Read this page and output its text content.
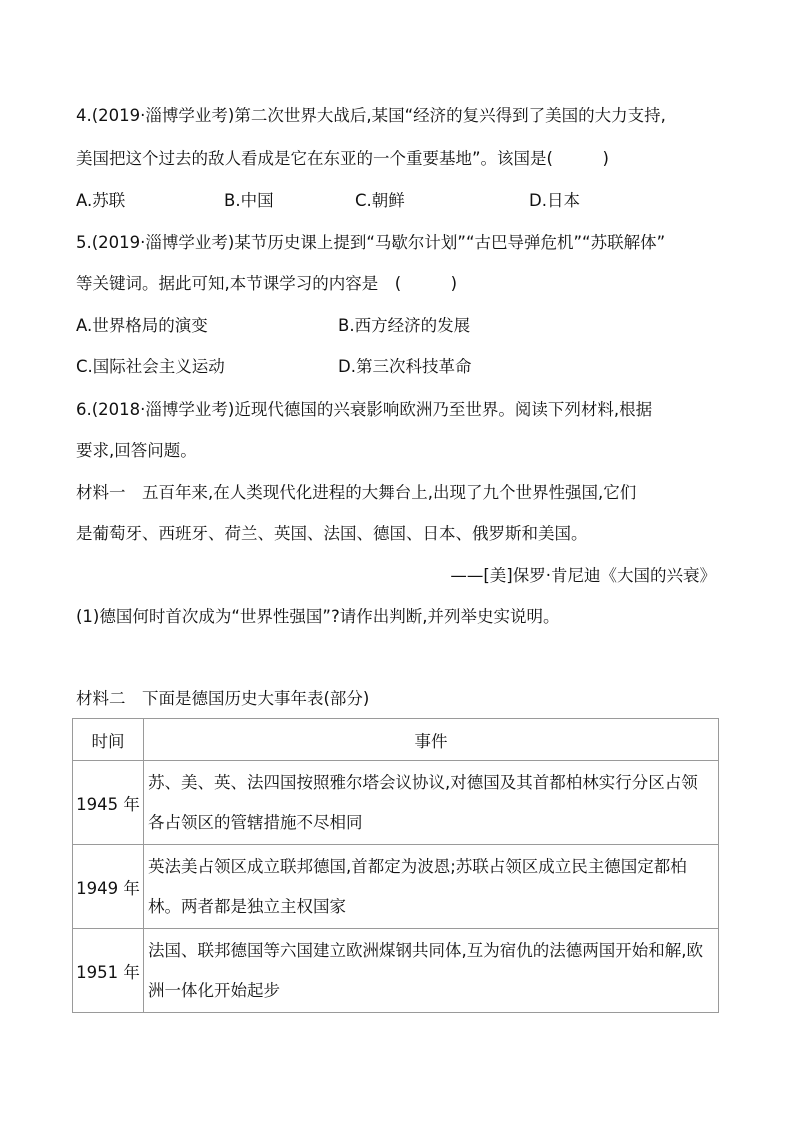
4.(2019·淄博学业考)第二次世界大战后,某国“经济的复兴得到了美国的大力支持,
美国把这个过去的敌人看成是它在东亚的一个重要基地”。该国是(　　　)
A.苏联	B.中国	C.朝鲜	D.日本
5.(2019·淄博学业考)某节历史课上提到“马歇尔计划”“古巴导弹危机”“苏联解体”
等关键词。据此可知,本节课学习的内容是　(　　　)
A.世界格局的演变	B.西方经济的发展
C.国际社会主义运动	D.第三次科技革命
6.(2018·淄博学业考)近现代德国的兴衰影响欧洲乃至世界。阅读下列材料,根据
要求,回答问题。
材料一　五百年来,在人类现代化进程的大舞台上,出现了九个世界性强国,它们
是葡萄牙、西班牙、荷兰、英国、法国、德国、日本、俄罗斯和美国。
——[美]保罗·肯尼迪《大国的兴衰》
(1)德国何时首次成为“世界性强国”?请作出判断,并列举史实说明。
材料二　下面是德国历史大事年表(部分)
时间	事件
1945 年	苏、美、英、法四国按照雅尔塔会议协议,对德国及其首都柏林实行分区占领各占领区的管辖措施不尽相同
1949 年	英法美占领区成立联邦德国,首都定为波恩;苏联占领区成立民主德国定都柏林。两者都是独立主权国家
1951 年	法国、联邦德国等六国建立欧洲煤钢共同体,互为宿仇的法德两国开始和解,欧洲一体化开始起步
